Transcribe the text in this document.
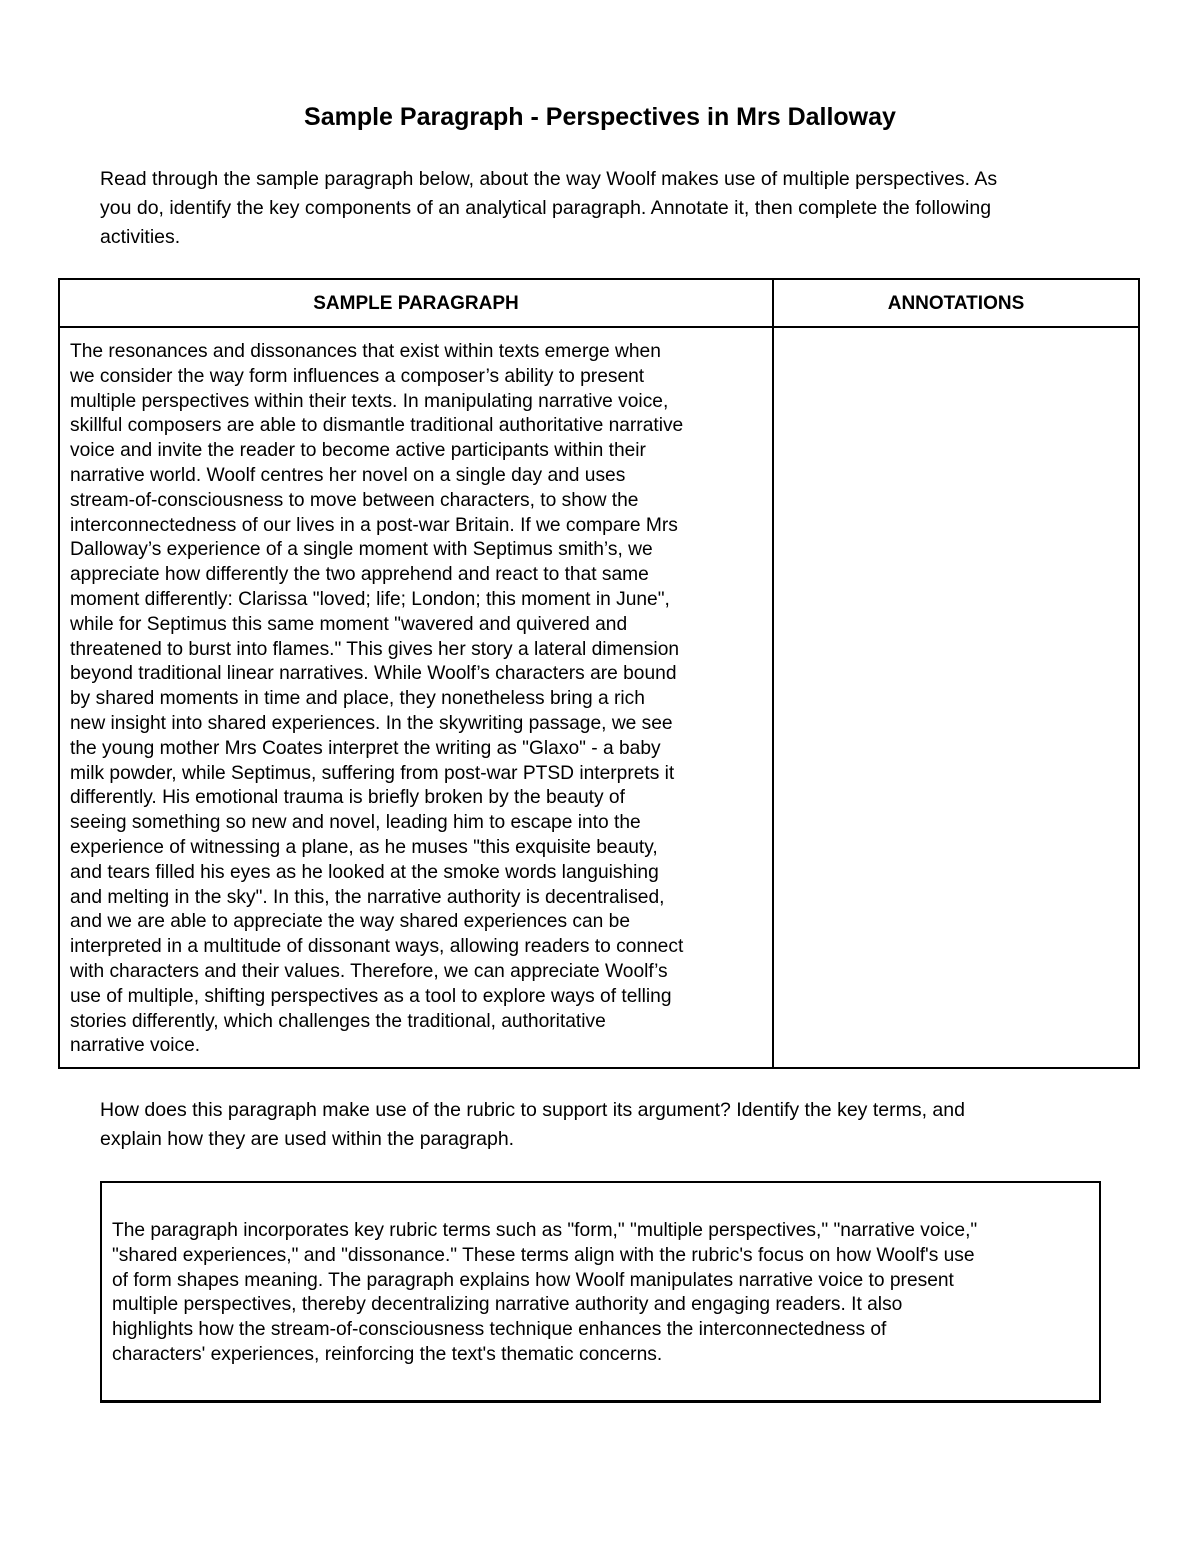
Sample Paragraph - Perspectives in Mrs Dalloway
Read through the sample paragraph below, about the way Woolf makes use of multiple perspectives. As
you do, identify the key components of an analytical paragraph. Annotate it, then complete the following
activities.
SAMPLE PARAGRAPH	ANNOTATIONS
The resonances and dissonances that exist within texts emerge when
we consider the way form influences a composer’s ability to present
multiple perspectives within their texts. In manipulating narrative voice,
skillful composers are able to dismantle traditional authoritative narrative
voice and invite the reader to become active participants within their
narrative world. Woolf centres her novel on a single day and uses
stream-of-consciousness to move between characters, to show the
interconnectedness of our lives in a post-war Britain. If we compare Mrs
Dalloway’s experience of a single moment with Septimus smith’s, we
appreciate how differently the two apprehend and react to that same
moment differently: Clarissa "loved; life; London; this moment in June",
while for Septimus this same moment "wavered and quivered and
threatened to burst into flames." This gives her story a lateral dimension
beyond traditional linear narratives. While Woolf’s characters are bound
by shared moments in time and place, they nonetheless bring a rich
new insight into shared experiences. In the skywriting passage, we see
the young mother Mrs Coates interpret the writing as "Glaxo" - a baby
milk powder, while Septimus, suffering from post-war PTSD interprets it
differently. His emotional trauma is briefly broken by the beauty of
seeing something so new and novel, leading him to escape into the
experience of witnessing a plane, as he muses "this exquisite beauty,
and tears filled his eyes as he looked at the smoke words languishing
and melting in the sky". In this, the narrative authority is decentralised,
and we are able to appreciate the way shared experiences can be
interpreted in a multitude of dissonant ways, allowing readers to connect
with characters and their values. Therefore, we can appreciate Woolf’s
use of multiple, shifting perspectives as a tool to explore ways of telling
stories differently, which challenges the traditional, authoritative
narrative voice.
How does this paragraph make use of the rubric to support its argument? Identify the key terms, and
explain how they are used within the paragraph.
The paragraph incorporates key rubric terms such as "form," "multiple perspectives," "narrative voice,"
"shared experiences," and "dissonance." These terms align with the rubric's focus on how Woolf's use
of form shapes meaning. The paragraph explains how Woolf manipulates narrative voice to present
multiple perspectives, thereby decentralizing narrative authority and engaging readers. It also
highlights how the stream-of-consciousness technique enhances the interconnectedness of
characters' experiences, reinforcing the text's thematic concerns.
